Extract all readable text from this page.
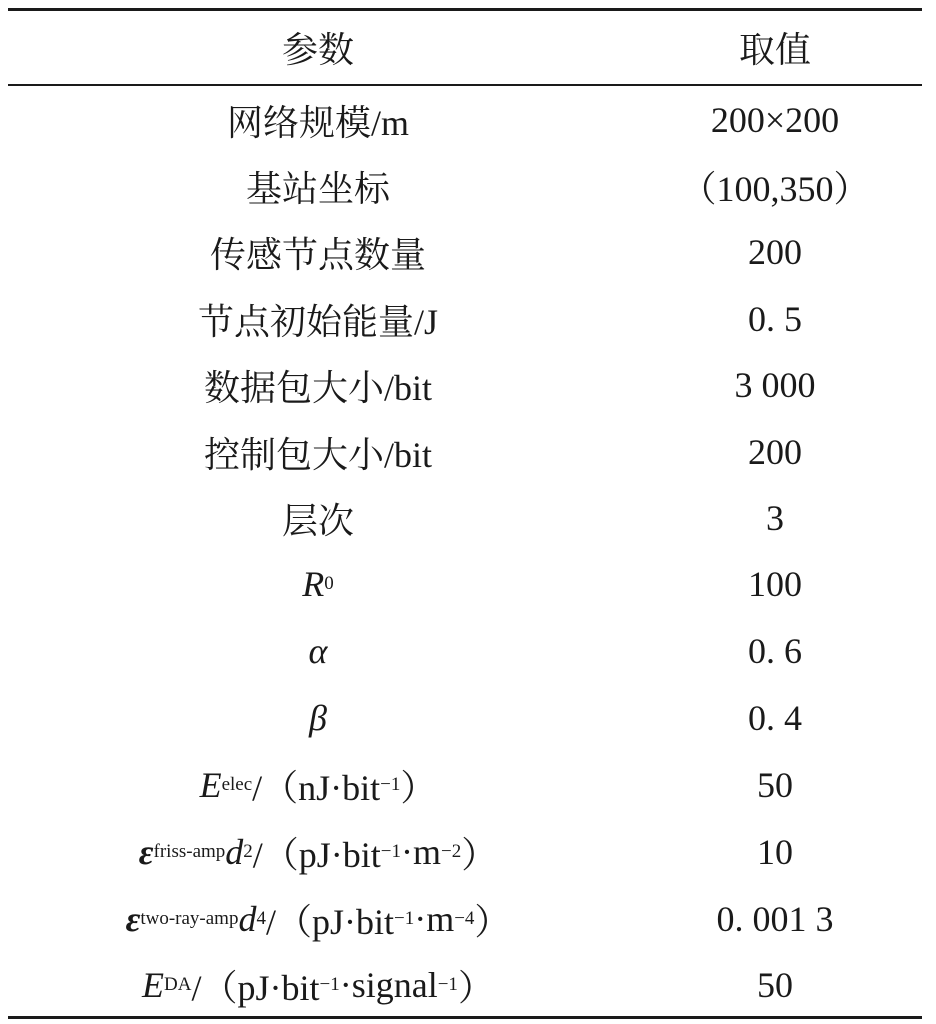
参数	取值
网络规模/m	200×200
基站坐标	（100,350）
传感节点数量	200
节点初始能量/J	0. 5
数据包大小/bit	3 000
控制包大小/bit	200
层次	3
R 0	100
α	0. 6
β	0. 4
E elec /（nJ·bit −1 ）	50
ε friss-amp d 2 /（pJ·bit −1 ·m −2 ）	10
ε two-ray-amp d 4 /（pJ·bit −1 ·m −4 ）	0. 001 3
E DA /（pJ·bit −1 ·signal −1 ）	50
